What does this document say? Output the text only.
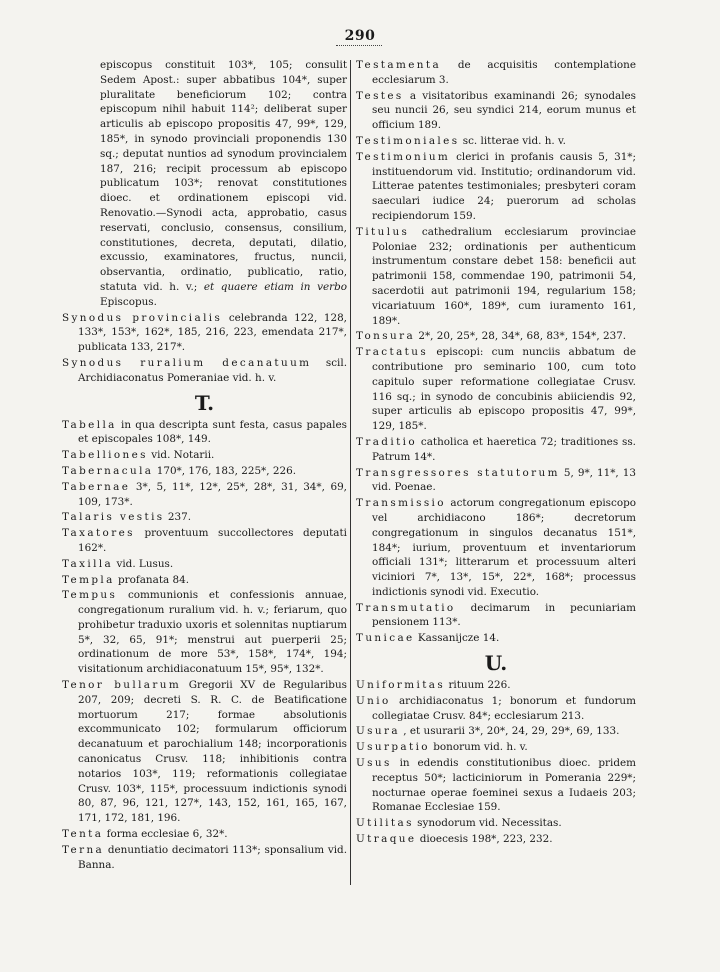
290

episcopus constituit 103*, 105; consulit Sedem Apost.: super abbatibus 104*, super pluralitate beneficiorum 102; contra episcopum nihil habuit 114²; deliberat super articulis ab episcopo propositis 47, 99*, 129, 185*, in synodo provinciali proponendis 130 sq.; deputat nuntios ad synodum provincialem 187, 216; recipit processum ab episcopo publicatum 103*; renovat constitutiones dioec. et ordinationem episcopi vid. Renovatio.—Synodi acta, approbatio, casus reservati, conclusio, consensus, consilium, constitutiones, decreta, deputati, dilatio, excussio, examinatores, fructus, nuncii, observantia, ordinatio, publicatio, ratio, statuta vid. h. v.; et quaere etiam in verbo Episcopus.

Synodus provincialis celebranda 122, 128, 133*, 153*, 162*, 185, 216, 223, emendata 217*, publicata 133, 217*.

Synodus ruralium decanatuum scil. Archidiaconatus Pomeraniae vid. h. v.

T.

Tabella in qua descripta sunt festa, casus papales et episcopales 108*, 149.

Tabelliones vid. Notarii.

Tabernacula 170*, 176, 183, 225*, 226.

Tabernae 3*, 5, 11*, 12*, 25*, 28*, 31, 34*, 69, 109, 173*.

Talaris vestis 237.

Taxatores proventuum succollectores deputati 162*.

Taxilla vid. Lusus.

Templa profanata 84.

Tempus communionis et confessionis annuae, congregationum ruralium vid. h. v.; feriarum, quo prohibetur traduxio uxoris et solennitas nuptiarum 5*, 32, 65, 91*; menstrui aut puerperii 25; ordinationum de more 53*, 158*, 174*, 194; visitationum archidiaconatuum 15*, 95*, 132*.

Tenor bullarum Gregorii XV de Regularibus 207, 209; decreti S. R. C. de Beatificatione mortuorum 217; formae absolutionis excommunicato 102; formularum officiorum decanatuum et parochialium 148; incorporationis canonicatus Crusv. 118; inhibitionis contra notarios 103*, 119; reformationis collegiatae Crusv. 103*, 115*, processuum indictionis synodi 80, 87, 96, 121, 127*, 143, 152, 161, 165, 167, 171, 172, 181, 196.

Tenta forma ecclesiae 6, 32*.

Terna denuntiatio decimatori 113*; sponsalium vid. Banna.

Testamenta de acquisitis contemplatione ecclesiarum 3.

Testes a visitatoribus examinandi 26; synodales seu nuncii 26, seu syndici 214, eorum munus et officium 189.

Testimoniales sc. litterae vid. h. v.

Testimonium clerici in profanis causis 5, 31*; instituendorum vid. Institutio; ordinandorum vid. Litterae patentes testimoniales; presbyteri coram saeculari iudice 24; puerorum ad scholas recipiendorum 159.

Titulus cathedralium ecclesiarum provinciae Poloniae 232; ordinationis per authenticum instrumentum constare debet 158: beneficii aut patrimonii 158, commendae 190, patrimonii 54, sacerdotii aut patrimonii 194, regularium 158; vicariatuum 160*, 189*, cum iuramento 161, 189*.

Tonsura 2*, 20, 25*, 28, 34*, 68, 83*, 154*, 237.

Tractatus episcopi: cum nunciis abbatum de contributione pro seminario 100, cum toto capitulo super reformatione collegiatae Crusv. 116 sq.; in synodo de concubinis abiiciendis 92, super articulis ab episcopo propositis 47, 99*, 129, 185*.

Traditio catholica et haeretica 72; traditiones ss. Patrum 14*.

Transgressores statutorum 5, 9*, 11*, 13 vid. Poenae.

Transmissio actorum congregationum episcopo vel archidiacono 186*; decretorum congregationum in singulos decanatus 151*, 184*; iurium, proventuum et inventariorum officiali 131*; litterarum et processuum alteri viciniori 7*, 13*, 15*, 22*, 168*; processus indictionis synodi vid. Executio.

Transmutatio decimarum in pecuniariam pensionem 113*.

Tunicae Kassanijcze 14.

U.

Uniformitas rituum 226.

Unio archidiaconatus 1; bonorum et fundorum collegiatae Crusv. 84*; ecclesiarum 213.

Usura , et usurarii 3*, 20*, 24, 29, 29*, 69, 133.

Usurpatio bonorum vid. h. v.

Usus in edendis constitutionibus dioec. pridem receptus 50*; lacticiniorum in Pomerania 229*; nocturnae operae foeminei sexus a Iudaeis 203; Romanae Ecclesiae 159.

Utilitas synodorum vid. Necessitas.

Utraque dioecesis 198*, 223, 232.
